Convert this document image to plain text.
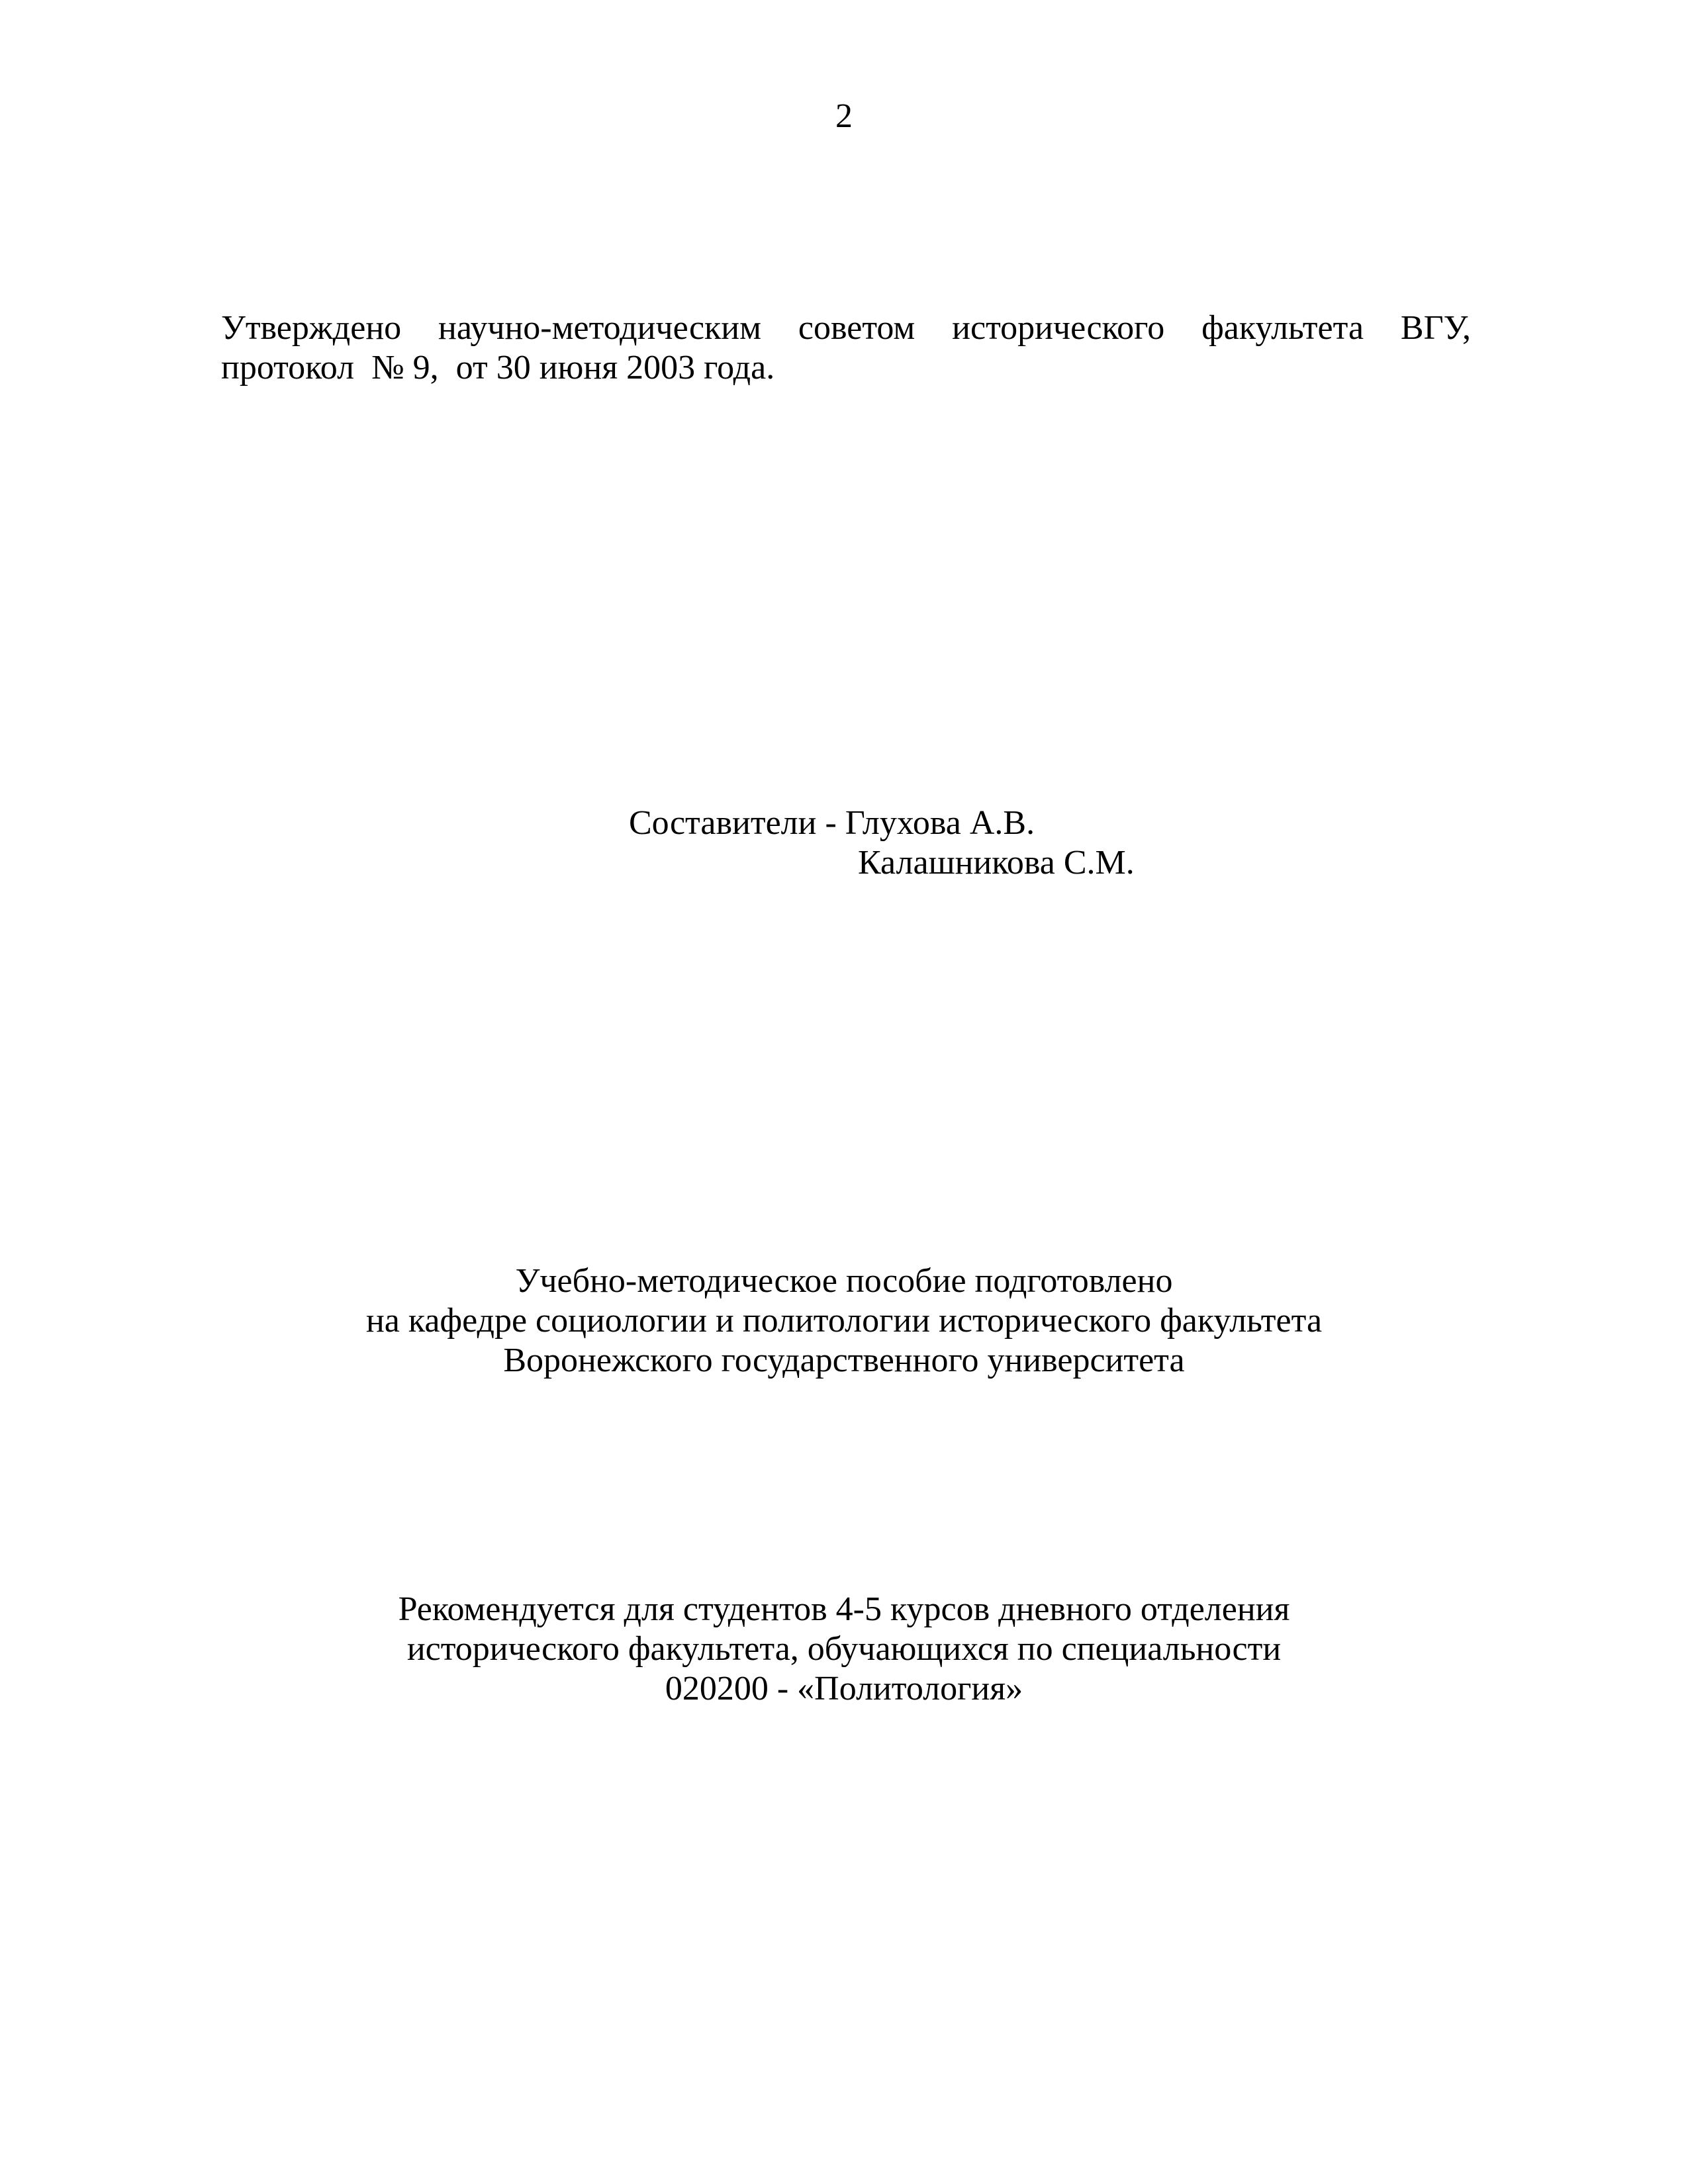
2
Утверждено научно-методическим советом исторического факультета ВГУ,
протокол  № 9,  от 30 июня 2003 года.
Составители - Глухова А.В.
Калашникова С.М.
Учебно-методическое пособие подготовлено
на кафедре социологии и политологии исторического факультета
Воронежского государственного университета
Рекомендуется для студентов 4-5 курсов дневного отделения
исторического факультета, обучающихся по специальности
020200 - «Политология»
